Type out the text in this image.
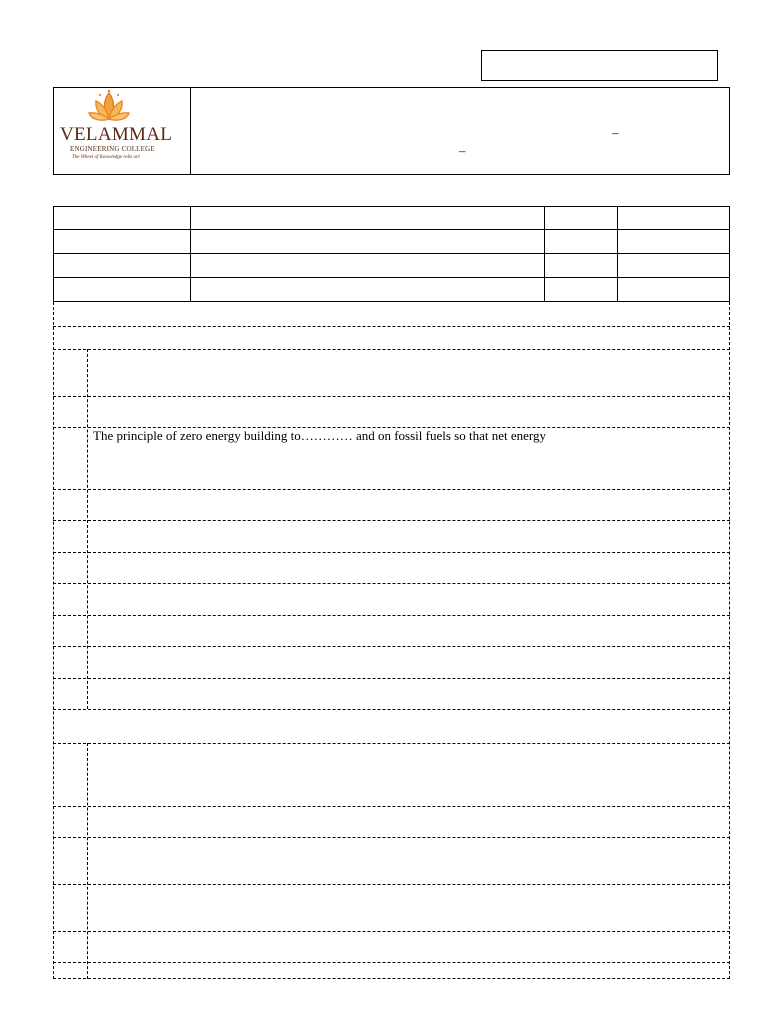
VELAMMAL
ENGINEERING COLLEGE
The Wheel of Knowledge rolls on!
–
–
The principle of zero energy building to………… and on fossil fuels so that net energy
